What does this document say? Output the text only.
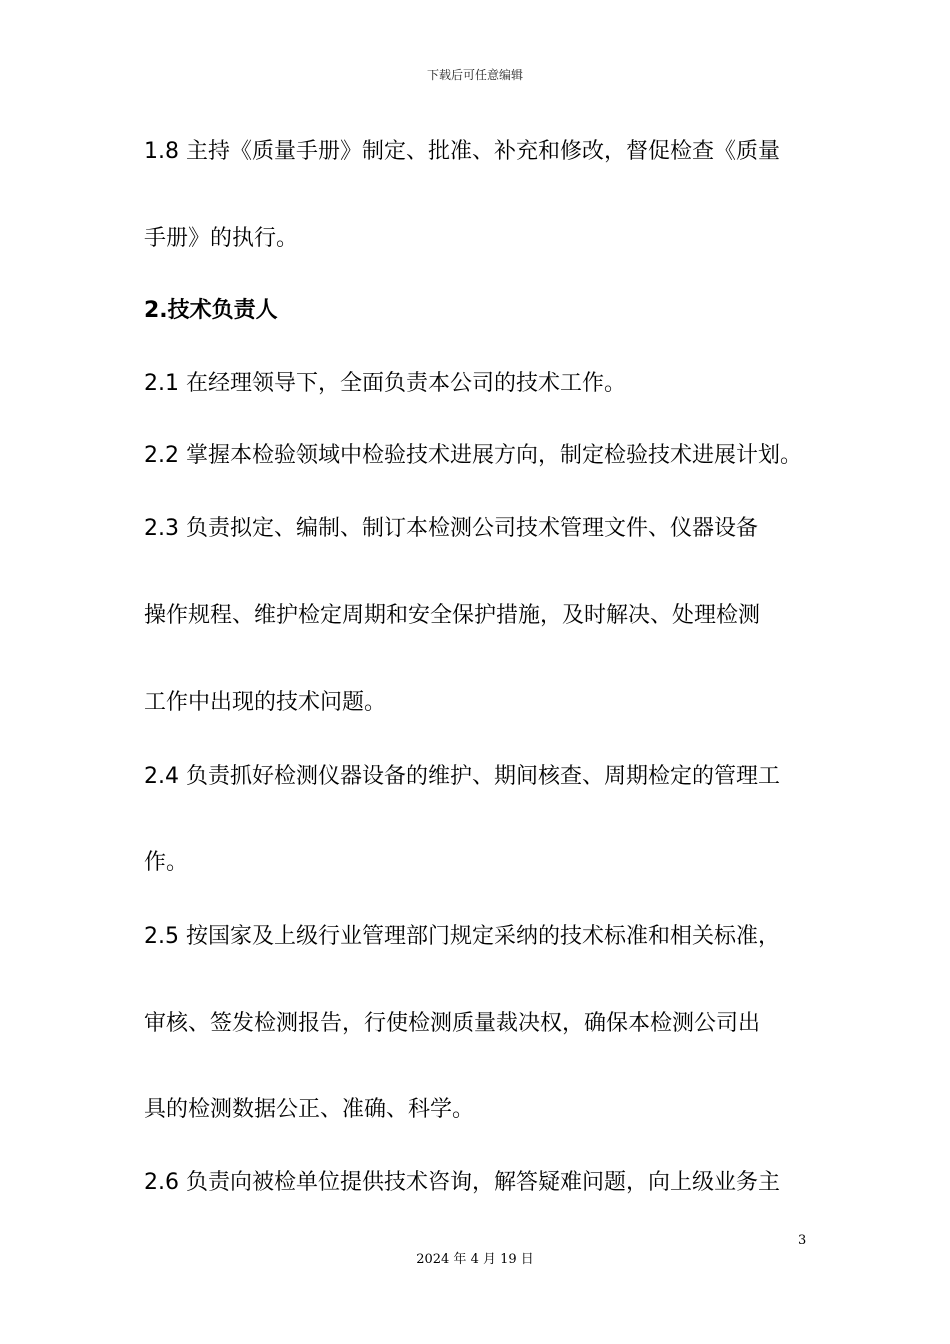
下载后可任意编辑
1.8 主持《质量手册》制定、批准、补充和修改，督促检查《质量
手册》的执行。
2.技术负责人
2.1 在经理领导下，全面负责本公司的技术工作。
2.2 掌握本检验领域中检验技术进展方向，制定检验技术进展计划。
2.3 负责拟定、编制、制订本检测公司技术管理文件、仪器设备
操作规程、维护检定周期和安全保护措施，及时解决、处理检测
工作中出现的技术问题。
2.4 负责抓好检测仪器设备的维护、期间核查、周期检定的管理工
作。
2.5 按国家及上级行业管理部门规定采纳的技术标准和相关标准，
审核、签发检测报告，行使检测质量裁决权，确保本检测公司出
具的检测数据公正、准确、科学。
2.6 负责向被检单位提供技术咨询，解答疑难问题，向上级业务主
3
2024 年 4 月 19 日
